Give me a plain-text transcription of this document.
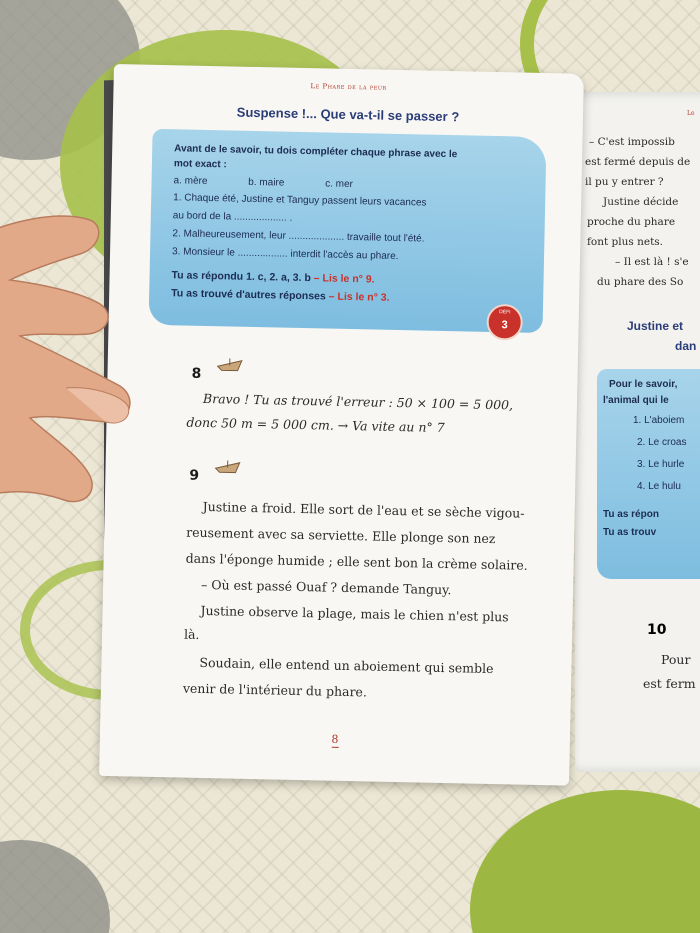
Le
– C'est impossib
est fermé depuis de
il pu y entrer ?
Justine décide
proche du phare
font plus nets.
– Il est là ! s'e
du phare des So
Justine et
dan
Pour le savoir,
l'animal qui le
1. L'aboiem
2. Le croas
3. Le hurle
4. Le hulu
Tu as répon
Tu as trouv
10
Pour
est ferm
Le Phare de la peur
Suspense !... Que va-t-il se passer ?
Avant de le savoir, tu dois compléter chaque phrase avec le mot exact :
a. mère	b. maire	c. mer
1. Chaque été, Justine et Tanguy passent leurs vacances
au bord de la ................... .
2. Malheureusement, leur .................... travaille tout l'été.
3. Monsieur le .................. interdit l'accès au phare.
Tu as répondu 1. c, 2. a, 3. b – Lis le n° 9.
Tu as trouvé d'autres réponses – Lis le n° 3.
DÉFI
3
8
Bravo ! Tu as trouvé l'erreur : 50 × 100 = 5 000,
donc 50 m = 5 000 cm. → Va vite au n° 7
9
Justine a froid. Elle sort de l'eau et se sèche vigou-
reusement avec sa serviette. Elle plonge son nez
dans l'éponge humide ; elle sent bon la crème solaire.
– Où est passé Ouaf ? demande Tanguy.
Justine observe la plage, mais le chien n'est plus
là.
Soudain, elle entend un aboiement qui semble
venir de l'intérieur du phare.
8
